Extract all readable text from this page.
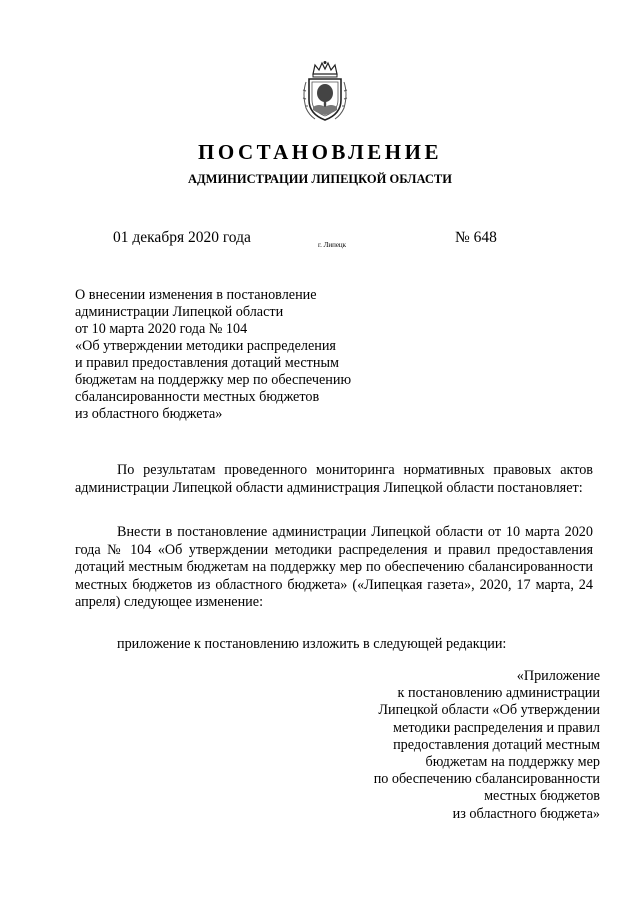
ПОСТАНОВЛЕНИЕ
АДМИНИСТРАЦИИ ЛИПЕЦКОЙ ОБЛАСТИ
01 декабря 2020 года	г. Липецк	№ 648
О внесении изменения в постановление
администрации Липецкой области
от 10 марта 2020 года № 104
«Об утверждении методики распределения
и правил предоставления дотаций местным
бюджетам на поддержку мер по обеспечению
сбалансированности местных бюджетов
из областного бюджета»
По результатам проведенного мониторинга нормативных правовых актов администрации Липецкой области администрация Липецкой области постановляет:
Внести в постановление администрации Липецкой области от 10 марта 2020 года № 104 «Об утверждении методики распределения и правил предоставления дотаций местным бюджетам на поддержку мер по обеспечению сбалансированности местных бюджетов из областного бюджета» («Липецкая газета», 2020, 17 марта, 24 апреля) следующее изменение:
приложение к постановлению изложить в следующей редакции:
«Приложение
к постановлению администрации
Липецкой области «Об утверждении
методики распределения и правил
предоставления дотаций местным
бюджетам на поддержку мер
по обеспечению сбалансированности
местных бюджетов
из областного бюджета»
